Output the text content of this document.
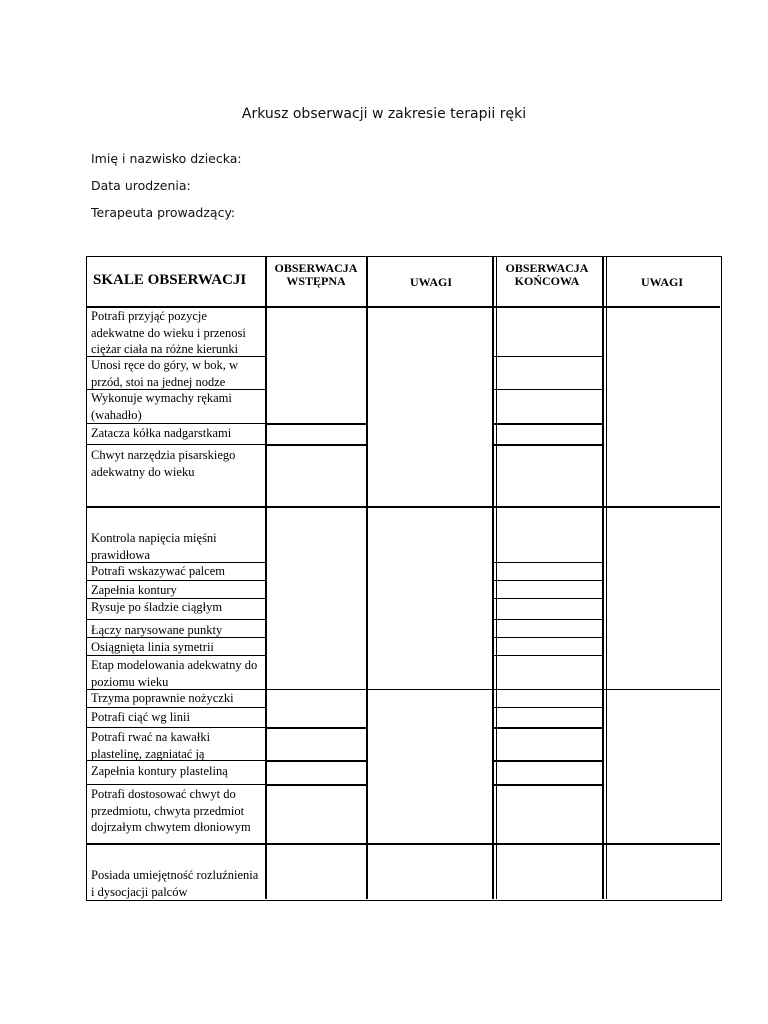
Arkusz obserwacji w zakresie terapii ręki
Imię i nazwisko dziecka:
Data urodzenia:
Terapeuta prowadzący:
SKALE OBSERWACJI
OBSERWACJA WSTĘPNA	UWAGI
OBSERWACJA KOŃCOWA	UWAGI
Potrafi przyjąć pozycje adekwatne do wieku i przenosi ciężar ciała na różne kierunki
Unosi ręce do góry, w bok, w przód, stoi na jednej nodze
Wykonuje wymachy rękami (wahadło)
Zatacza kółka nadgarstkami
Chwyt narzędzia pisarskiego adekwatny do wieku
Kontrola napięcia mięśni prawidłowa
Potrafi wskazywać palcem
Zapełnia kontury
Rysuje po śladzie ciągłym
Łączy narysowane punkty
Osiągnięta linia symetrii
Etap modelowania adekwatny do poziomu wieku
Trzyma poprawnie nożyczki
Potrafi ciąć wg linii
Potrafi rwać na kawałki plastelinę, zagniatać ją
Zapełnia kontury plasteliną
Potrafi dostosować chwyt do przedmiotu, chwyta przedmiot dojrzałym chwytem dłoniowym
Posiada umiejętność rozluźnienia i dysocjacji palców
